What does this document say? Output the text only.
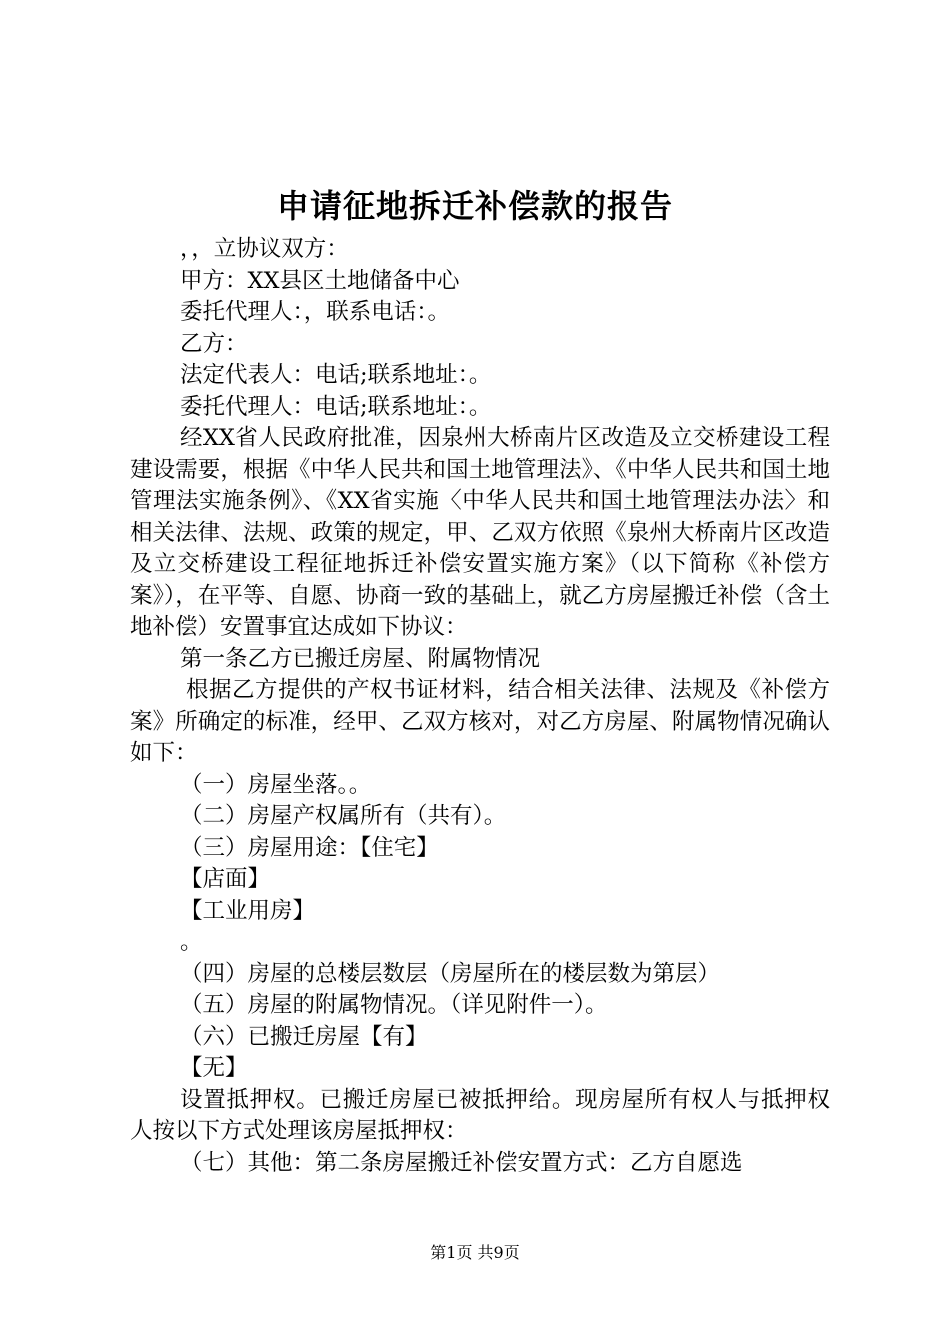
申请征地拆迁补偿款的报告

，，立协议双方：

甲方：XX县区土地储备中心

委托代理人：，联系电话：。

乙方：

法定代表人：电话;联系地址：。

委托代理人：电话;联系地址：。

经XX省人民政府批准，因泉州大桥南片区改造及立交桥建设工程建设需要，根据《中华人民共和国土地管理法》、《中华人民共和国土地管理法实施条例》、《XX省实施〈中华人民共和国土地管理法办法〉和相关法律、法规、政策的规定，甲、乙双方依照《泉州大桥南片区改造及立交桥建设工程征地拆迁补偿安置实施方案》（以下简称《补偿方案》），在平等、自愿、协商一致的基础上，就乙方房屋搬迁补偿（含土地补偿）安置事宜达成如下协议：

第一条乙方已搬迁房屋、附属物情况

根据乙方提供的产权书证材料，结合相关法律、法规及《补偿方案》所确定的标准，经甲、乙双方核对，对乙方房屋、附属物情况确认如下：

（一）房屋坐落。。

（二）房屋产权属所有（共有）。

（三）房屋用途：【住宅】

【店面】

【工业用房】

。

（四）房屋的总楼层数层（房屋所在的楼层数为第层）

（五）房屋的附属物情况。（详见附件一）。

（六）已搬迁房屋【有】

【无】

设置抵押权。已搬迁房屋已被抵押给。现房屋所有权人与抵押权人按以下方式处理该房屋抵押权：

（七）其他：第二条房屋搬迁补偿安置方式：乙方自愿选

第1页 共9页
